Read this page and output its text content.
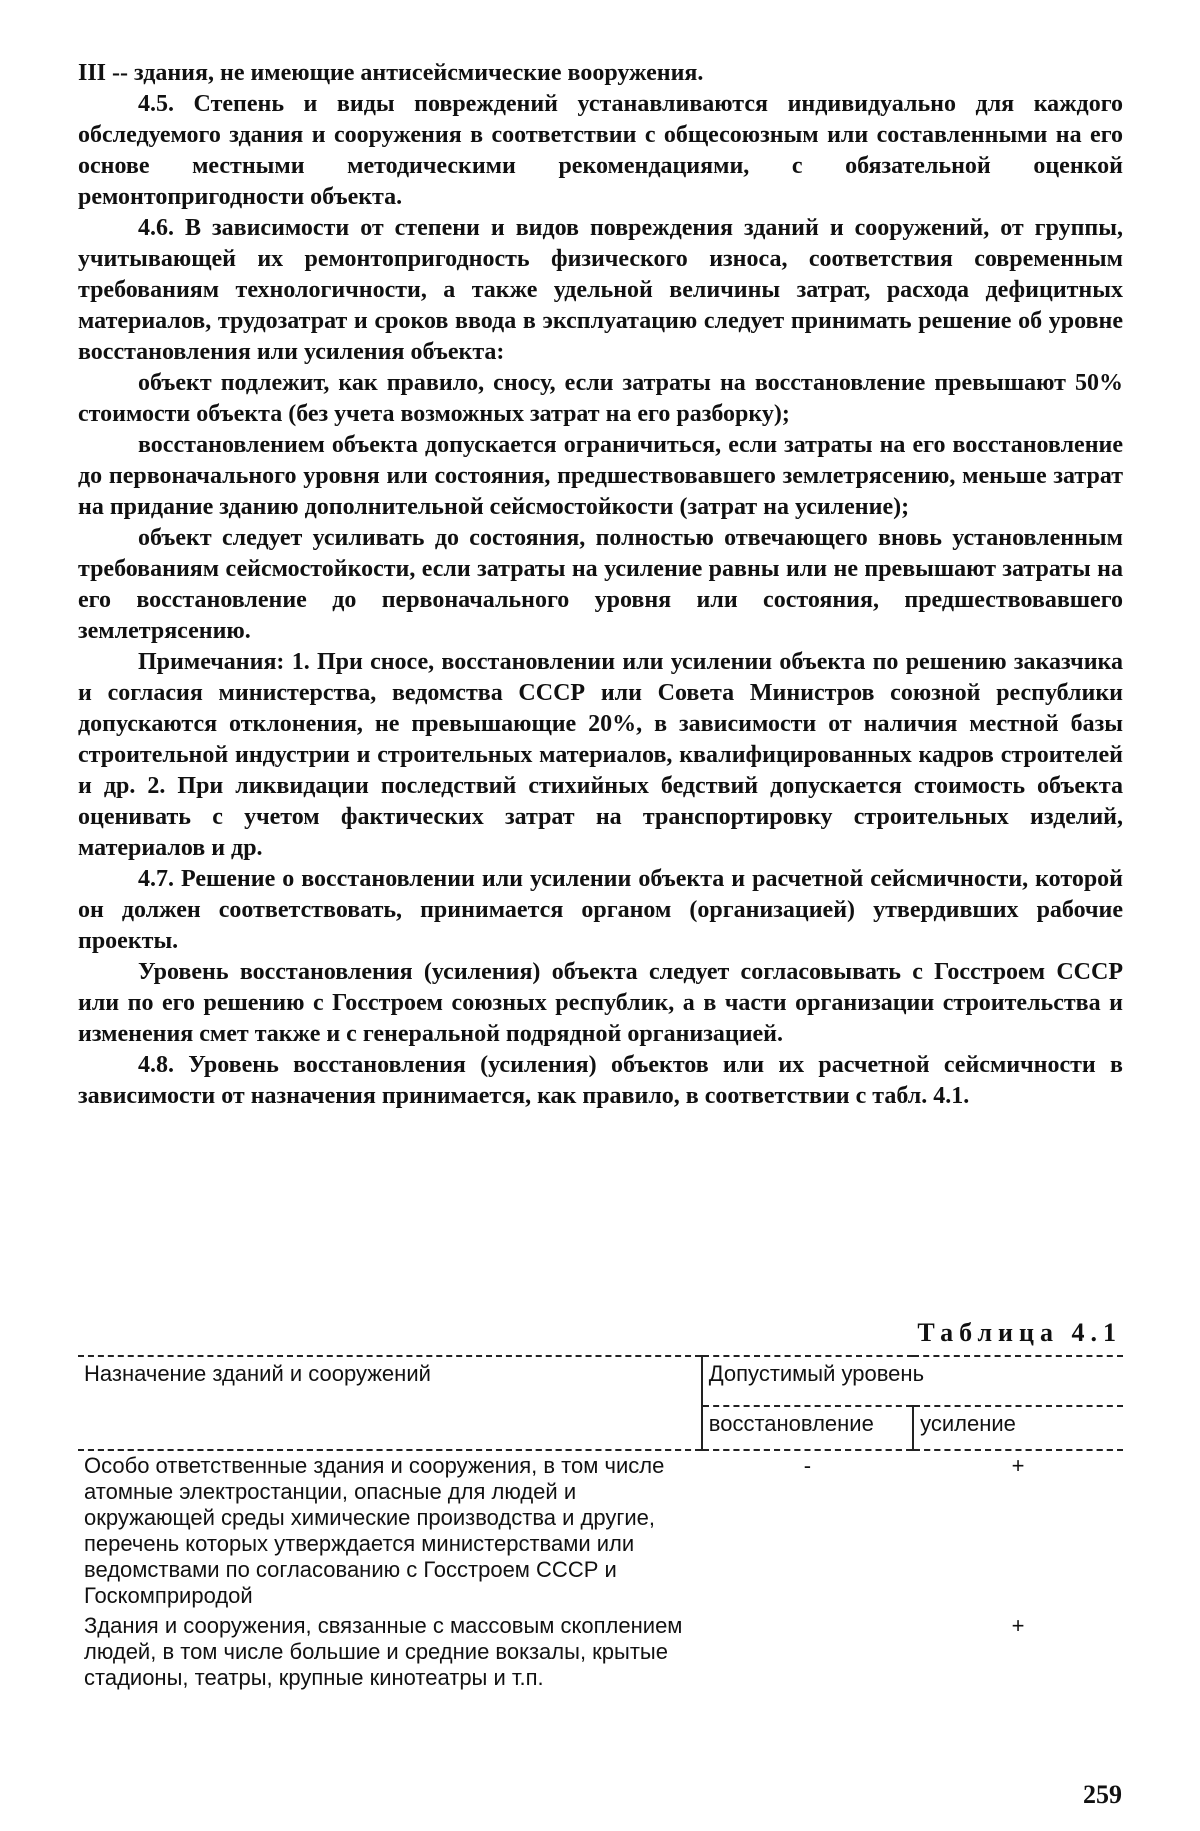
III -- здания, не имеющие антисейсмические вооружения.

4.5. Степень и виды повреждений устанавливаются индивидуально для каждого обследуемого здания и сооружения в соответствии с общесоюзным или составленными на его основе местными методическими рекомендациями, с обязательной оценкой ремонтопригодности объекта.

4.6. В зависимости от степени и видов повреждения зданий и сооружений, от группы, учитывающей их ремонтопригодность физического износа, соответствия современным требованиям технологичности, а также удельной величины затрат, расхода дефицитных материалов, трудозатрат и сроков ввода в эксплуатацию следует принимать решение об уровне восстановления или усиления объекта:

объект подлежит, как правило, сносу, если затраты на восстановление превышают 50% стоимости объекта (без учета возможных затрат на его разборку);

восстановлением объекта допускается ограничиться, если затраты на его восстановление до первоначального уровня или состояния, предшествовавшего землетрясению, меньше затрат на придание зданию дополнительной сейсмостойкости (затрат на усиление);

объект следует усиливать до состояния, полностью отвечающего вновь установленным требованиям сейсмостойкости, если затраты на усиление равны или не превышают затраты на его восстановление до первоначального уровня или состояния, предшествовавшего землетрясению.

Примечания: 1. При сносе, восстановлении или усилении объекта по решению заказчика и согласия министерства, ведомства СССР или Совета Министров союзной республики допускаются отклонения, не превышающие 20%, в зависимости от наличия местной базы строительной индустрии и строительных материалов, квалифицированных кадров строителей и др. 2. При ликвидации последствий стихийных бедствий допускается стоимость объекта оценивать с учетом фактических затрат на транспортировку строительных изделий, материалов и др.

4.7. Решение о восстановлении или усилении объекта и расчетной сейсмичности, которой он должен соответствовать, принимается органом (организацией) утвердивших рабочие проекты.

Уровень восстановления (усиления) объекта следует согласовывать с Госстроем СССР или по его решению с Госстроем союзных республик, а в части организации строительства и изменения смет также и с генеральной подрядной организацией.

4.8. Уровень восстановления (усиления) объектов или их расчетной сейсмичности в зависимости от назначения принимается, как правило, в соответствии с табл. 4.1.

Таблица 4.1
Назначение зданий и сооружений	Допустимый уровень	
	восстановление	усиление
Особо ответственные здания и сооружения, в том числе атомные электростанции, опасные для людей и окружающей среды химические производства и другие, перечень которых утверждается министерствами или ведомствами по согласованию с Госстроем СССР и Госкомприродой	-	+
Здания и сооружения, связанные с массовым скоплением людей, в том числе большие и средние вокзалы, крытые стадионы, театры, крупные кинотеатры и т.п.		+
259
